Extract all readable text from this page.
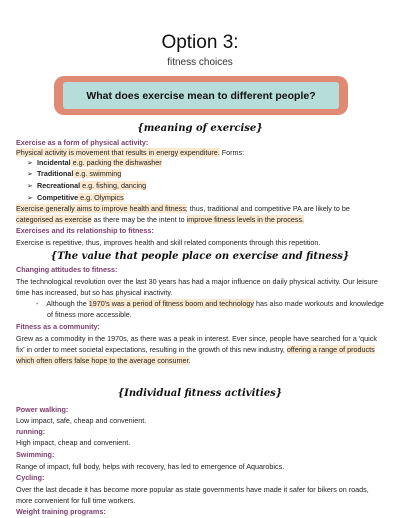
Option 3:
fitness choices
What does exercise mean to different people?
{meaning of exercise}
Exercise as a form of physical activity:
Physical activity is movement that results in energy expenditure. Forms:
➢  Incidental e.g. packing the dishwasher
➢  Traditional e.g. swimming
➢  Recreational e.g. fishing, dancing
➢  Competitive e.g. Olympics
Exercise generally aims to improve health and fitness; thus, traditional and competitive PA are likely to be
categorised as exercise as there may be the intent to improve fitness levels in the process.
Exercises and its relationship to fitness:
Exercise is repetitive, thus, improves health and skill related components through this repetition.
{The value that people place on exercise and fitness}
Changing attitudes to fitness:
The technological revolution over the last 30 years has had a major influence on daily physical activity. Our leisure
time has increased, but so has physical inactivity.
-    Although the 1970's was a period of fitness boom and technology has also made workouts and knowledge
of fitness more accessible.
Fitness as a community:
Grew as a commodity in the 1970s, as there was a peak in interest. Ever since, people have searched for a 'quick
fix' in order to meet societal expectations, resulting in the growth of this new industry, offering a range of products
which often offers false hope to the average consumer.
{Individual fitness activities}
Power walking:
Low impact, safe, cheap and convenient.
running:
High impact, cheap and convenient.
Swimming:
Range of impact, full body, helps with recovery, has led to emergence of Aquarobics.
Cycling:
Over the last decade it has become more popular as state governments have made it safer for bikers on roads,
more convenient for full time workers.
Weight training programs:
